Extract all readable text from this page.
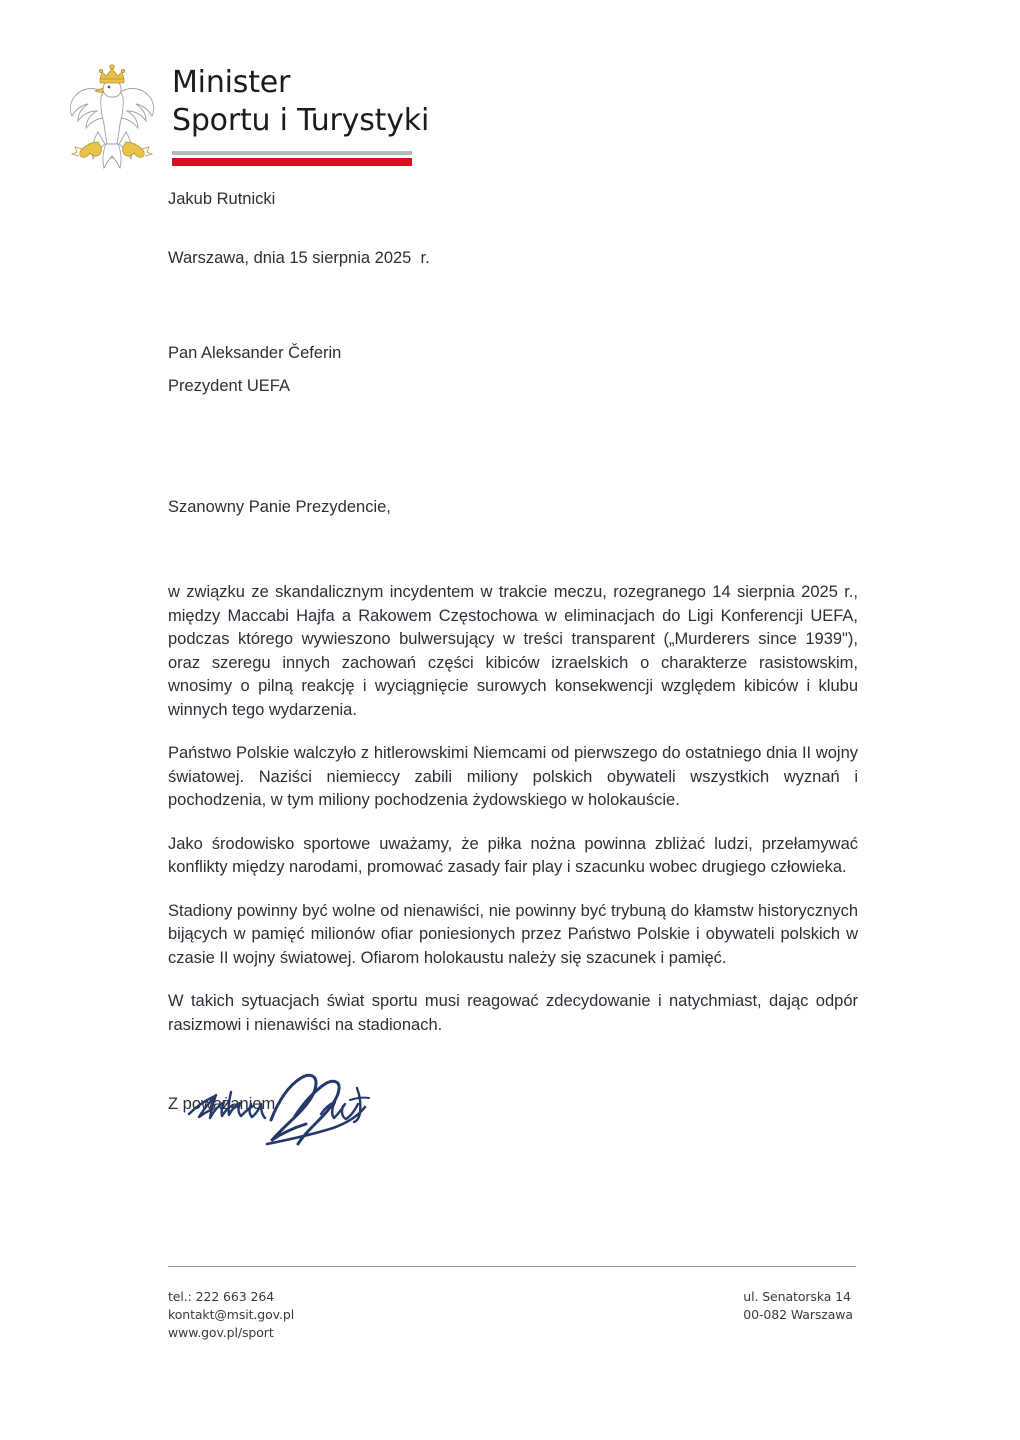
Minister
Sportu i Turystyki

Jakub Rutnicki

Warszawa, dnia 15 sierpnia 2025  r.

Pan Aleksander Čeferin

Prezydent UEFA

Szanowny Panie Prezydencie,

w związku ze skandalicznym incydentem w trakcie meczu, rozegranego 14 sierpnia 2025 r., między Maccabi Hajfa a Rakowem Częstochowa w eliminacjach do Ligi Konferencji UEFA, podczas którego wywieszono bulwersujący w treści transparent („Murderers since 1939"), oraz szeregu innych zachowań części kibiców izraelskich o charakterze rasistowskim, wnosimy o pilną reakcję i wyciągnięcie surowych konsekwencji względem kibiców i klubu winnych tego wydarzenia.

Państwo Polskie walczyło z hitlerowskimi Niemcami od pierwszego do ostatniego dnia II wojny światowej. Naziści niemieccy zabili miliony polskich obywateli wszystkich wyznań i pochodzenia, w tym miliony pochodzenia żydowskiego w holokauście.

Jako środowisko sportowe uważamy, że piłka nożna powinna zbliżać ludzi, przełamywać konflikty między narodami, promować zasady fair play i szacunku wobec drugiego człowieka.

Stadiony powinny być wolne od nienawiści, nie powinny być trybuną do kłamstw historycznych bijących w pamięć milionów ofiar poniesionych przez Państwo Polskie i obywateli polskich w czasie II wojny światowej. Ofiarom holokaustu należy się szacunek i pamięć.

W takich sytuacjach świat sportu musi reagować zdecydowanie i natychmiast, dając odpór rasizmowi i nienawiści na stadionach.

Z poważaniem

tel.: 222 663 264
kontakt@msit.gov.pl
www.gov.pl/sport
ul. Senatorska 14
00-082 Warszawa
